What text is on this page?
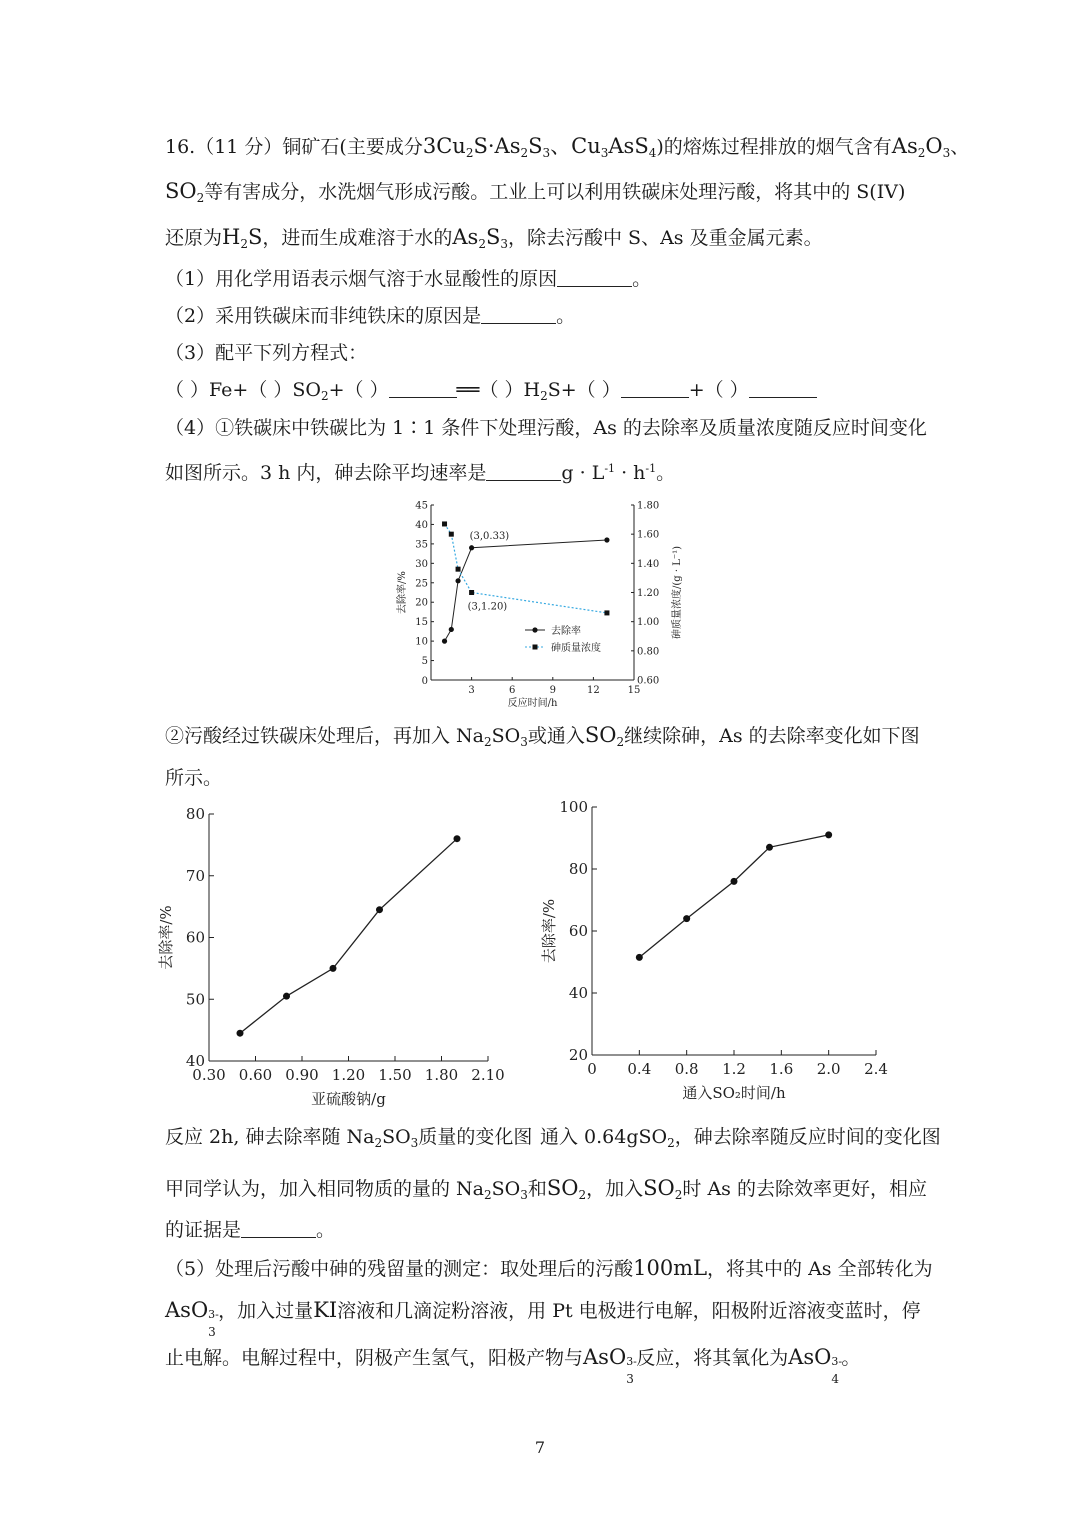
16.（11 分）铜矿石(主要成分$3Cu_2S\cdot As_2S_3$、$Cu_3AsS_4$)的熔炼过程排放的烟气含有$As_2O_3$、
$SO_2$等有害成分，水洗烟气形成污酸。工业上可以利用铁碳床处理污酸，将其中的 S(IV)
还原为$H_2S$，进而生成难溶于水的$As_2S_3$，除去污酸中 S、As 及重金属元素。
（1）用化学用语表示烟气溶于水显酸性的原因	。
（2）采用铁碳床而非纯铁床的原因是	。
（3）配平下列方程式：
（ ）Fe+（ ）$SO_2+$（ ）	══（ ）$H_2S+$（ ）	+（ ）
（4）①铁碳床中铁碳比为 1∶1 条件下处理污酸，As 的去除率及质量浓度随反应时间变化
如图所示。3 h 内，砷去除平均速率是	$g \cdot L^{-1} \cdot h^{-1}$。
5
10
15
20
25
30
35
40
45
0	0.60
0.80
1.00
1.20
1.40
1.60
1.80
3	6	9	12	15
反应时间/h
去除率/%	砷质量浓度/(g · L⁻¹)
(3,0.33)
(3,1.20)
去除率
砷质量浓度
②污酸经过铁碳床处理后，再加入 $Na_2SO_3$或通入$SO_2$继续除砷，As 的去除率变化如下图
所示。
40
50
60
70
80
0.30 0.60 0.90 1.20 1.50 1.80 2.10
亚硫酸钠/g
去除率/%
20
40
60
80
100
0 0.4 0.8 1.2 1.6 2.0 2.4
通入SO₂时间/h
去除率/%
反应 2h, 砷去除率随 $Na_2SO_3$质量的变化图 通入 0.64gSO$_2$，砷去除率随反应时间的变化图
甲同学认为，加入相同物质的量的 $Na_2SO_3$和$SO_2$，加入$SO_2$时 As 的去除效率更好，相应
的证据是	。
（5）处理后污酸中砷的残留量的测定：取处理后的污酸100mL，将其中的 As 全部转化为
AsO 3-
3
，加入过量KI溶液和几滴淀粉溶液，用 Pt 电极进行电解，阳极附近溶液变蓝时，停
止电解。电解过程中，阴极产生氢气，阳极产物与AsO 3-
3
反应，将其氧化为AsO 3-
4
。
7
